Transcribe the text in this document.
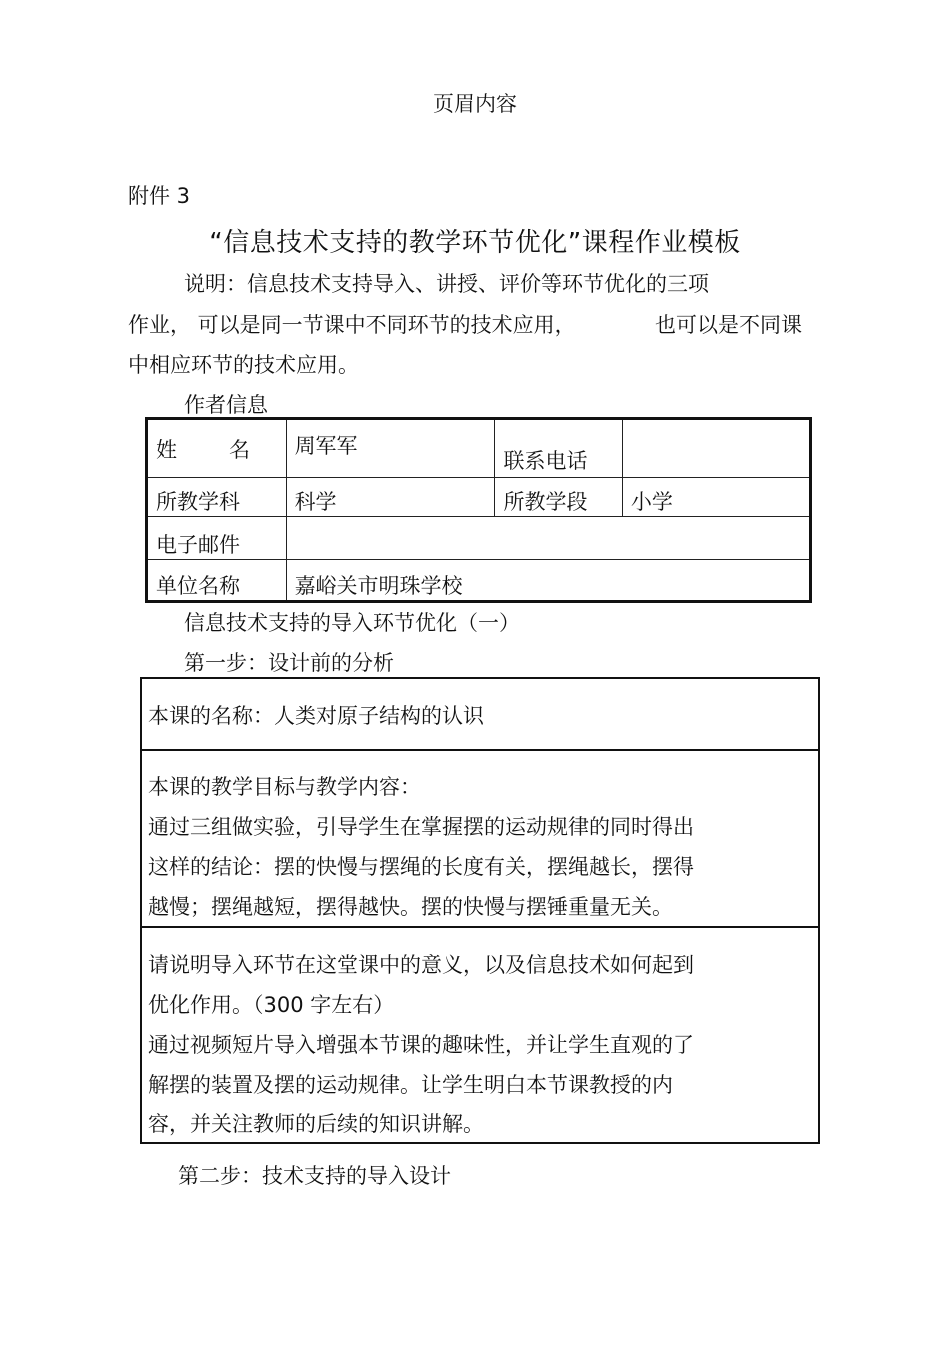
页眉内容
附件 3
“信息技术支持的教学环节优化”课程作业模板
说明：信息技术支持导入、讲授、评价等环节优化的三项
作业， 可以是同一节课中不同环节的技术应用，	也可以是不同课
中相应环节的技术应用。
作者信息
姓 名	周军军	联系电话	
所教学科	科学	所教学段	小学
电子邮件			
单位名称	嘉峪关市明珠学校		
信息技术支持的导入环节优化（一）
第一步：设计前的分析
本课的名称：人类对原子结构的认识
本课的教学目标与教学内容：
通过三组做实验，引导学生在掌握摆的运动规律的同时得出
这样的结论：摆的快慢与摆绳的长度有关，摆绳越长，摆得
越慢；摆绳越短，摆得越快。摆的快慢与摆锤重量无关。
请说明导入环节在这堂课中的意义，以及信息技术如何起到
优化作用。（300 字左右）
通过视频短片导入增强本节课的趣味性，并让学生直观的了
解摆的装置及摆的运动规律。让学生明白本节课教授的内
容，并关注教师的后续的知识讲解。
第二步：技术支持的导入设计
